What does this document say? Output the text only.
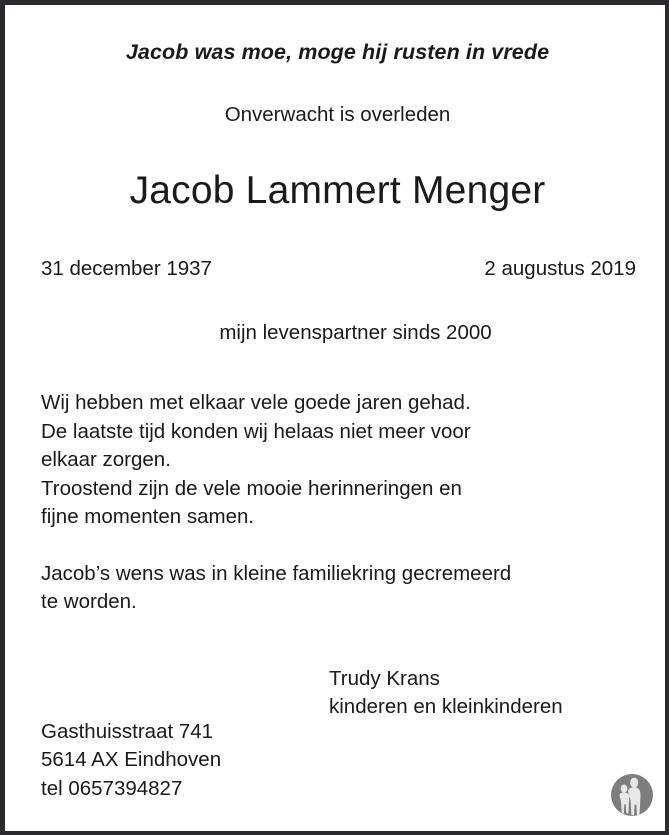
Jacob was moe, moge hij rusten in vrede
Onverwacht is overleden
Jacob Lammert Menger
31 december 1937	2 augustus 2019
mijn levenspartner sinds 2000

Wij hebben met elkaar vele goede jaren gehad.
De laatste tijd konden wij helaas niet meer voor
elkaar zorgen.
Troostend zijn de vele mooie herinneringen en
fijne momenten samen.

Jacob’s wens was in kleine familiekring gecremeerd
te worden.

Trudy Krans
kinderen en kleinkinderen
Gasthuisstraat 741
5614 AX Eindhoven
tel 0657394827
